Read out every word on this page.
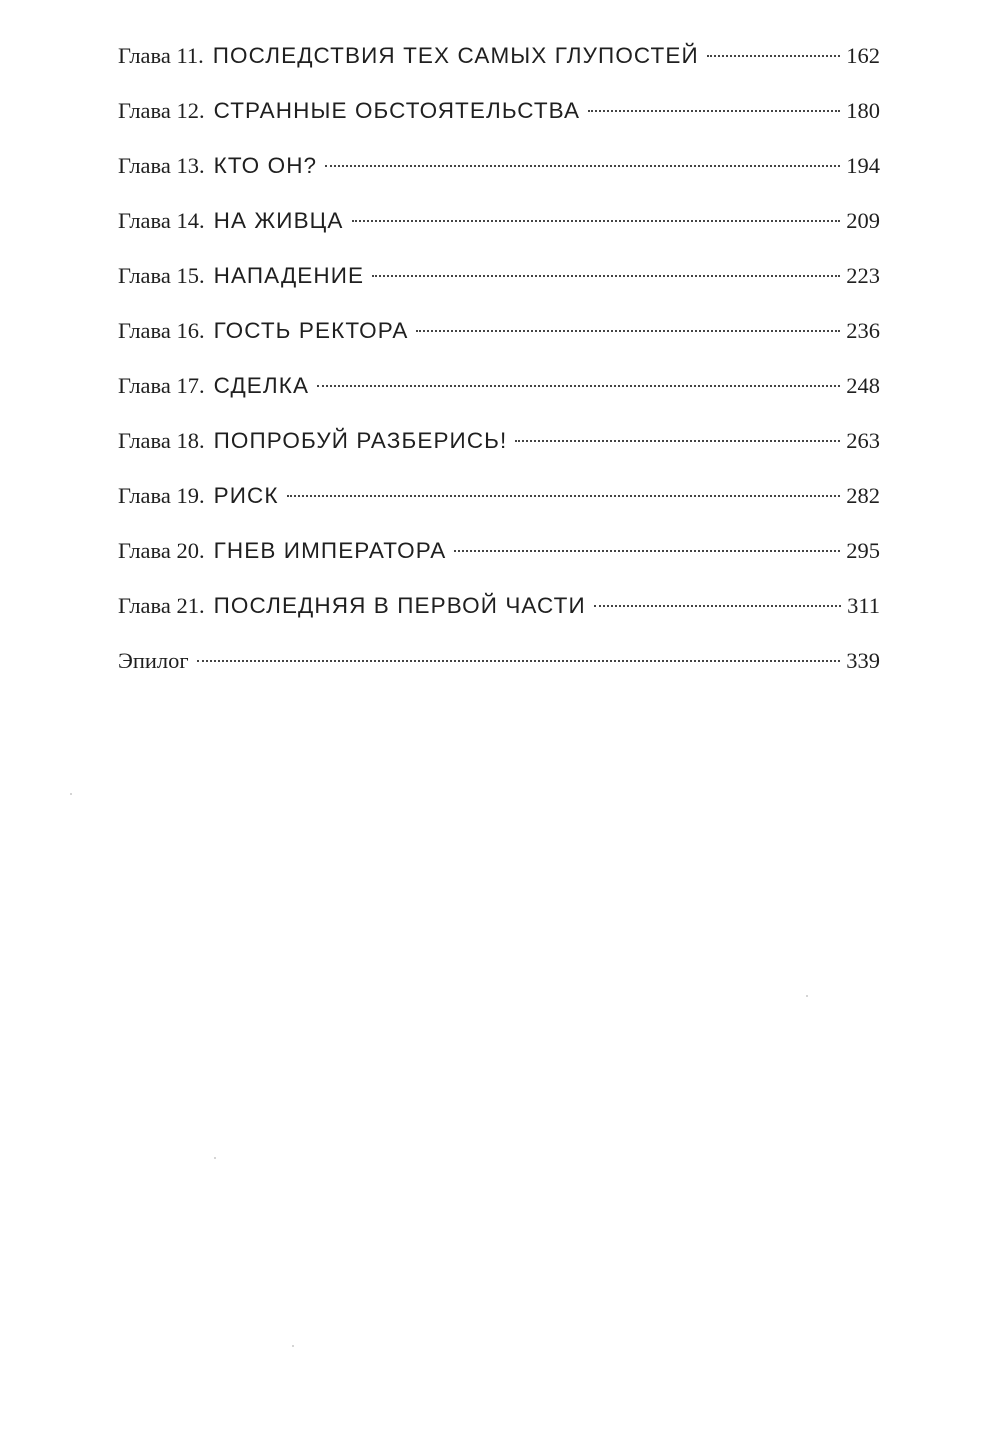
Глава 11. ПОСЛЕДСТВИЯ ТЕХ САМЫХ ГЛУПОСТЕЙ	162
Глава 12. СТРАННЫЕ ОБСТОЯТЕЛЬСТВА	180
Глава 13. КТО ОН?	194
Глава 14. НА ЖИВЦА	209
Глава 15. НАПАДЕНИЕ	223
Глава 16. ГОСТЬ РЕКТОРА	236
Глава 17. СДЕЛКА	248
Глава 18. ПОПРОБУЙ РАЗБЕРИСЬ!	263
Глава 19. РИСК	282
Глава 20. ГНЕВ ИМПЕРАТОРА	295
Глава 21. ПОСЛЕДНЯЯ В ПЕРВОЙ ЧАСТИ	311
Эпилог	339
